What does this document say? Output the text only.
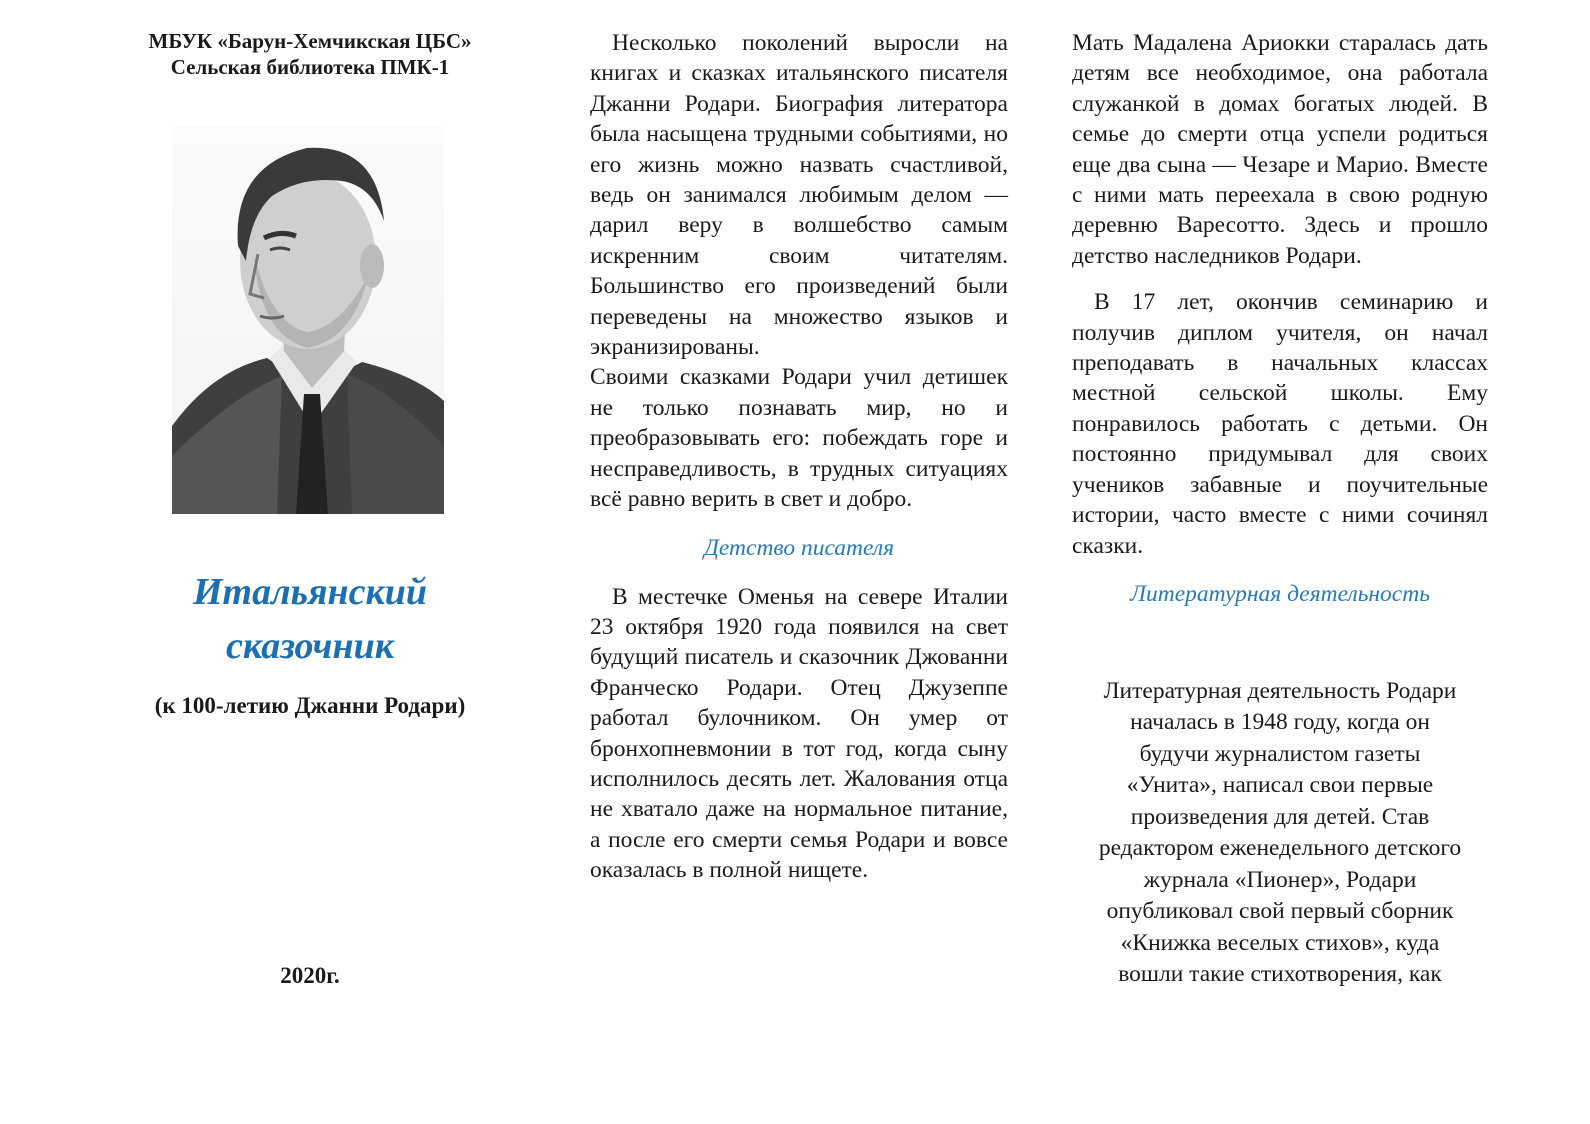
МБУК «Барун-Хемчикская ЦБС»
Сельская библиотека ПМК-1
Итальянский
сказочник
(к 100-летию Джанни Родари)
2020г.

Несколько поколений выросли на книгах и сказках итальянского писателя Джанни Родари. Биография литератора была насыщена трудными событиями, но его жизнь можно назвать счастливой, ведь он занимался любимым делом — дарил веру в волшебство самым искренним своим читателям. Большинство его произведений были переведены на множество языков и экранизированы.

Своими сказками Родари учил детишек не только познавать мир, но и преобразовывать его: побеждать горе и несправедливость, в трудных ситуациях всё равно верить в свет и добро.

Детство писателя

В местечке Оменья на севере Италии 23 октября 1920 года появился на свет будущий писатель и сказочник Джованни Франческо Родари. Отец Джузеппе работал булочником. Он умер от бронхопневмонии в тот год, когда сыну исполнилось десять лет. Жалования отца не хватало даже на нормальное питание, а после его смерти семья Родари и вовсе оказалась в полной нищете.

Мать Мадалена Ариокки старалась дать детям все необходимое, она работала служанкой в домах богатых людей. В семье до смерти отца успели родиться еще два сына — Чезаре и Марио. Вместе с ними мать переехала в свою родную деревню Варесотто. Здесь и прошло детство наследников Родари.

В 17 лет, окончив семинарию и получив диплом учителя, он начал преподавать в начальных классах местной сельской школы. Ему понравилось работать с детьми. Он постоянно придумывал для своих учеников забавные и поучительные истории, часто вместе с ними сочинял сказки.

Литературная деятельность

Литературная деятельность Родари
началась в 1948 году, когда он
будучи журналистом газеты
«Унита», написал свои первые
произведения для детей. Став
редактором еженедельного детского
журнала «Пионер», Родари
опубликовал свой первый сборник
«Книжка веселых стихов», куда
вошли такие стихотворения, как
